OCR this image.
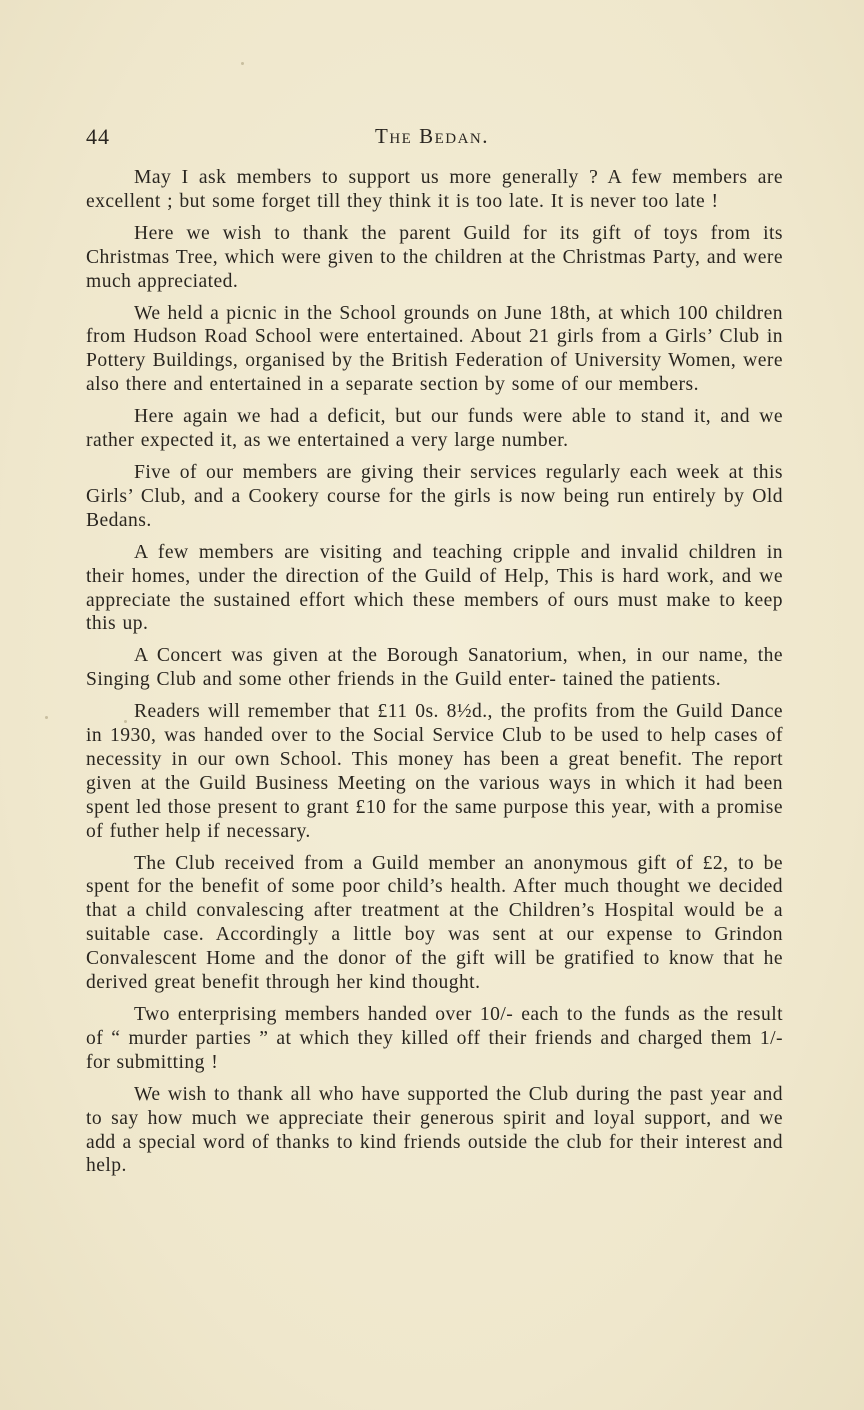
44	The Bedan.

May I ask members to support us more generally ? A few members are excellent ; but some forget till they think it is too late. It is never too late !

Here we wish to thank the parent Guild for its gift of toys from its Christmas Tree, which were given to the children at the Christmas Party, and were much appreciated.

We held a picnic in the School grounds on June 18th, at which 100 children from Hudson Road School were entertained. About 21 girls from a Girls’ Club in Pottery Buildings, organised by the British Federation of University Women, were also there and entertained in a separate section by some of our members.

Here again we had a deficit, but our funds were able to stand it, and we rather expected it, as we entertained a very large number.

Five of our members are giving their services regularly each week at this Girls’ Club, and a Cookery course for the girls is now being run entirely by Old Bedans.

A few members are visiting and teaching cripple and invalid children in their homes, under the direction of the Guild of Help, This is hard work, and we appreciate the sustained effort which these members of ours must make to keep this up.

A Concert was given at the Borough Sanatorium, when, in our name, the Singing Club and some other friends in the Guild enter- tained the patients.

Readers will remember that £11 0s. 8½d., the profits from the Guild Dance in 1930, was handed over to the Social Service Club to be used to help cases of necessity in our own School. This money has been a great benefit. The report given at the Guild Business Meeting on the various ways in which it had been spent led those present to grant £10 for the same purpose this year, with a promise of futher help if necessary.

The Club received from a Guild member an anonymous gift of £2, to be spent for the benefit of some poor child’s health. After much thought we decided that a child convalescing after treatment at the Children’s Hospital would be a suitable case. Accordingly a little boy was sent at our expense to Grindon Convalescent Home and the donor of the gift will be gratified to know that he derived great benefit through her kind thought.

Two enterprising members handed over 10/- each to the funds as the result of “ murder parties ” at which they killed off their friends and charged them 1/- for submitting !

We wish to thank all who have supported the Club during the past year and to say how much we appreciate their generous spirit and loyal support, and we add a special word of thanks to kind friends outside the club for their interest and help.
